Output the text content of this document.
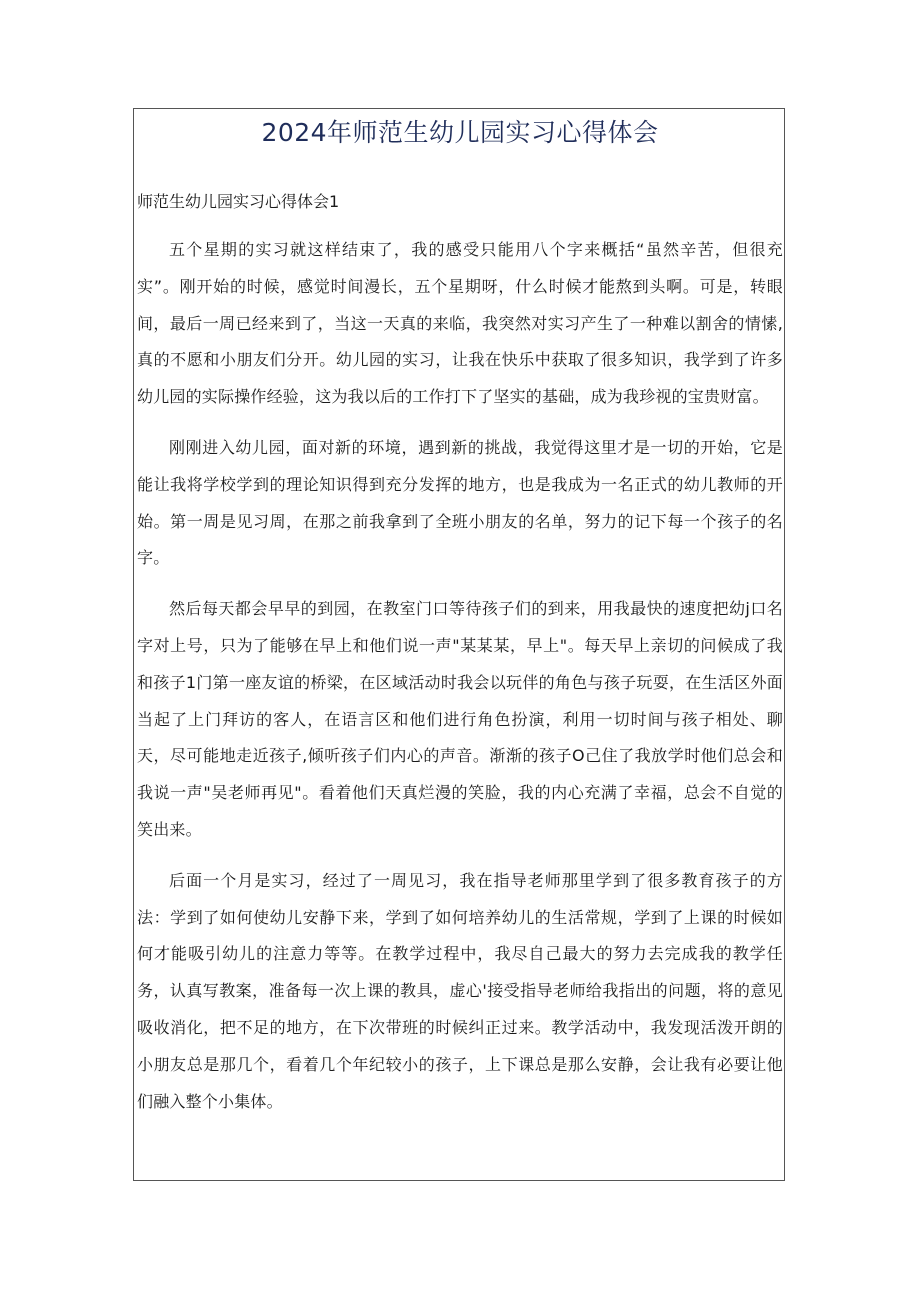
2024年师范生幼儿园实习心得体会
师范生幼儿园实习心得体会1

五个星期的实习就这样结束了，我的感受只能用八个字来概括“虽然辛苦，但很充实”。刚开始的时候，感觉时间漫长，五个星期呀，什么时候才能熬到头啊。可是，转眼间，最后一周已经来到了，当这一天真的来临，我突然对实习产生了一种难以割舍的情愫,真的不愿和小朋友们分开。幼儿园的实习，让我在快乐中获取了很多知识，我学到了许多幼儿园的实际操作经验，这为我以后的工作打下了坚实的基础，成为我珍视的宝贵财富。

刚刚进入幼儿园，面对新的环境，遇到新的挑战，我觉得这里才是一切的开始，它是能让我将学校学到的理论知识得到充分发挥的地方，也是我成为一名正式的幼儿教师的开始。第一周是见习周，在那之前我拿到了全班小朋友的名单，努力的记下每一个孩子的名字。

然后每天都会早早的到园，在教室门口等待孩子们的到来，用我最快的速度把幼j口名字对上号，只为了能够在早上和他们说一声"某某某，早上"。每天早上亲切的问候成了我和孩子1门第一座友谊的桥梁，在区域活动时我会以玩伴的角色与孩子玩耍，在生活区外面当起了上门拜访的客人，在语言区和他们进行角色扮演，利用一切时间与孩子相处、聊天，尽可能地走近孩子,倾听孩子们内心的声音。渐渐的孩子O己住了我放学时他们总会和我说一声"吴老师再见"。看着他们天真烂漫的笑脸，我的内心充满了幸福，总会不自觉的笑出来。

后面一个月是实习，经过了一周见习，我在指导老师那里学到了很多教育孩子的方法：学到了如何使幼儿安静下来，学到了如何培养幼儿的生活常规，学到了上课的时候如何才能吸引幼儿的注意力等等。在教学过程中，我尽自己最大的努力去完成我的教学任务，认真写教案，准备每一次上课的教具，虚心'接受指导老师给我指出的问题，将的意见吸收消化，把不足的地方，在下次带班的时候纠正过来。教学活动中，我发现活泼开朗的小朋友总是那几个，看着几个年纪较小的孩子，上下课总是那么安静，会让我有必要让他们融入整个小集体。
